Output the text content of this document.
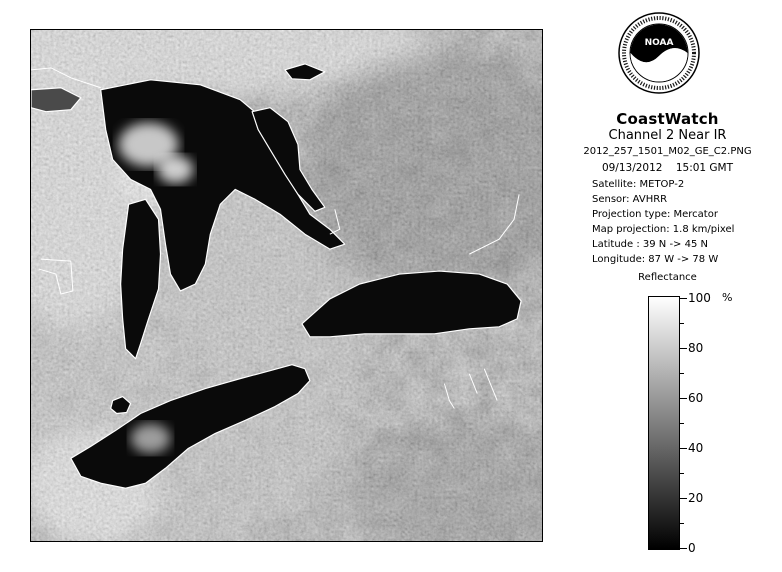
NOAA
CoastWatch
Channel 2 Near IR
2012_257_1501_M02_GE_C2.PNG
09/13/2012 15:01 GMT
Satellite: METOP-2
Sensor: AVHRR
Projection type: Mercator
Map projection: 1.8 km/pixel
Latitude : 39 N -> 45 N
Longitude: 87 W -> 78 W
Reflectance
%
100
80
60
40
20
0
